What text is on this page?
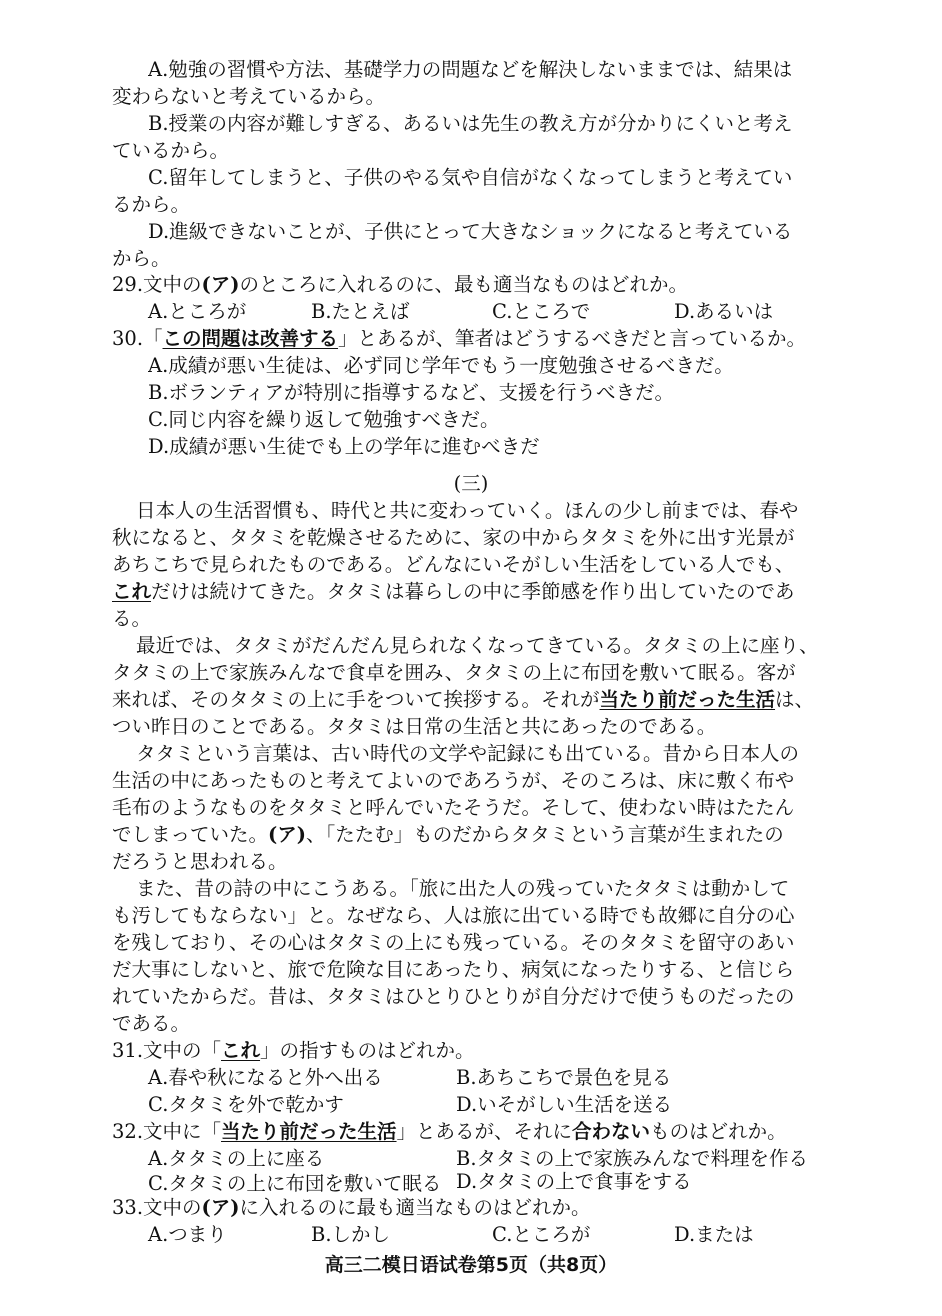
A.勉強の習慣や方法、基礎学力の問題などを解決しないままでは、結果は
変わらないと考えているから。
B.授業の内容が難しすぎる、あるいは先生の教え方が分かりにくいと考え
ているから。
C.留年してしまうと、子供のやる気や自信がなくなってしまうと考えてい
るから。
D.進級できないことが、子供にとって大きなショックになると考えている
から。
29.文中の(ア)のところに入れるのに、最も適当なものはどれか。
A.ところが	B.たとえば	C.ところで	D.あるいは
30.「この問題は改善する」とあるが、筆者はどうするべきだと言っているか。
A.成績が悪い生徒は、必ず同じ学年でもう一度勉強させるべきだ。
B.ボランティアが特別に指導するなど、支援を行うべきだ。
C.同じ内容を繰り返して勉強すべきだ。
D.成績が悪い生徒でも上の学年に進むべきだ
(三)
日本人の生活習慣も、時代と共に変わっていく。ほんの少し前までは、春や
秋になると、タタミを乾燥させるために、家の中からタタミを外に出す光景が
あちこちで見られたものである。どんなにいそがしい生活をしている人でも、
これだけは続けてきた。タタミは暮らしの中に季節感を作り出していたのであ
る。
最近では、タタミがだんだん見られなくなってきている。タタミの上に座り、
タタミの上で家族みんなで食卓を囲み、タタミの上に布団を敷いて眠る。客が
来れば、そのタタミの上に手をついて挨拶する。それが当たり前だった生活は、
つい昨日のことである。タタミは日常の生活と共にあったのである。
タタミという言葉は、古い時代の文学や記録にも出ている。昔から日本人の
生活の中にあったものと考えてよいのであろうが、そのころは、床に敷く布や
毛布のようなものをタタミと呼んでいたそうだ。そして、使わない時はたたん
でしまっていた。(ア)、「たたむ」ものだからタタミという言葉が生まれたの
だろうと思われる。
また、昔の詩の中にこうある。「旅に出た人の残っていたタタミは動かして
も汚してもならない」と。なぜなら、人は旅に出ている時でも故郷に自分の心
を残しており、その心はタタミの上にも残っている。そのタタミを留守のあい
だ大事にしないと、旅で危険な目にあったり、病気になったりする、と信じら
れていたからだ。昔は、タタミはひとりひとりが自分だけで使うものだったの
である。
31.文中の「これ」の指すものはどれか。
A.春や秋になると外へ出る	B.あちこちで景色を見る
C.タタミを外で乾かす	D.いそがしい生活を送る
32.文中に「当たり前だった生活」とあるが、それに合わないものはどれか。
A.タタミの上に座る	B.タタミの上で家族みんなで料理を作る
C.タタミの上に布団を敷いて眠る D.タタミの上で食事をする
33.文中の(ア)に入れるのに最も適当なものはどれか。
A.つまり	B.しかし	C.ところが	D.または
高三二模日语试卷第5页（共8页）
